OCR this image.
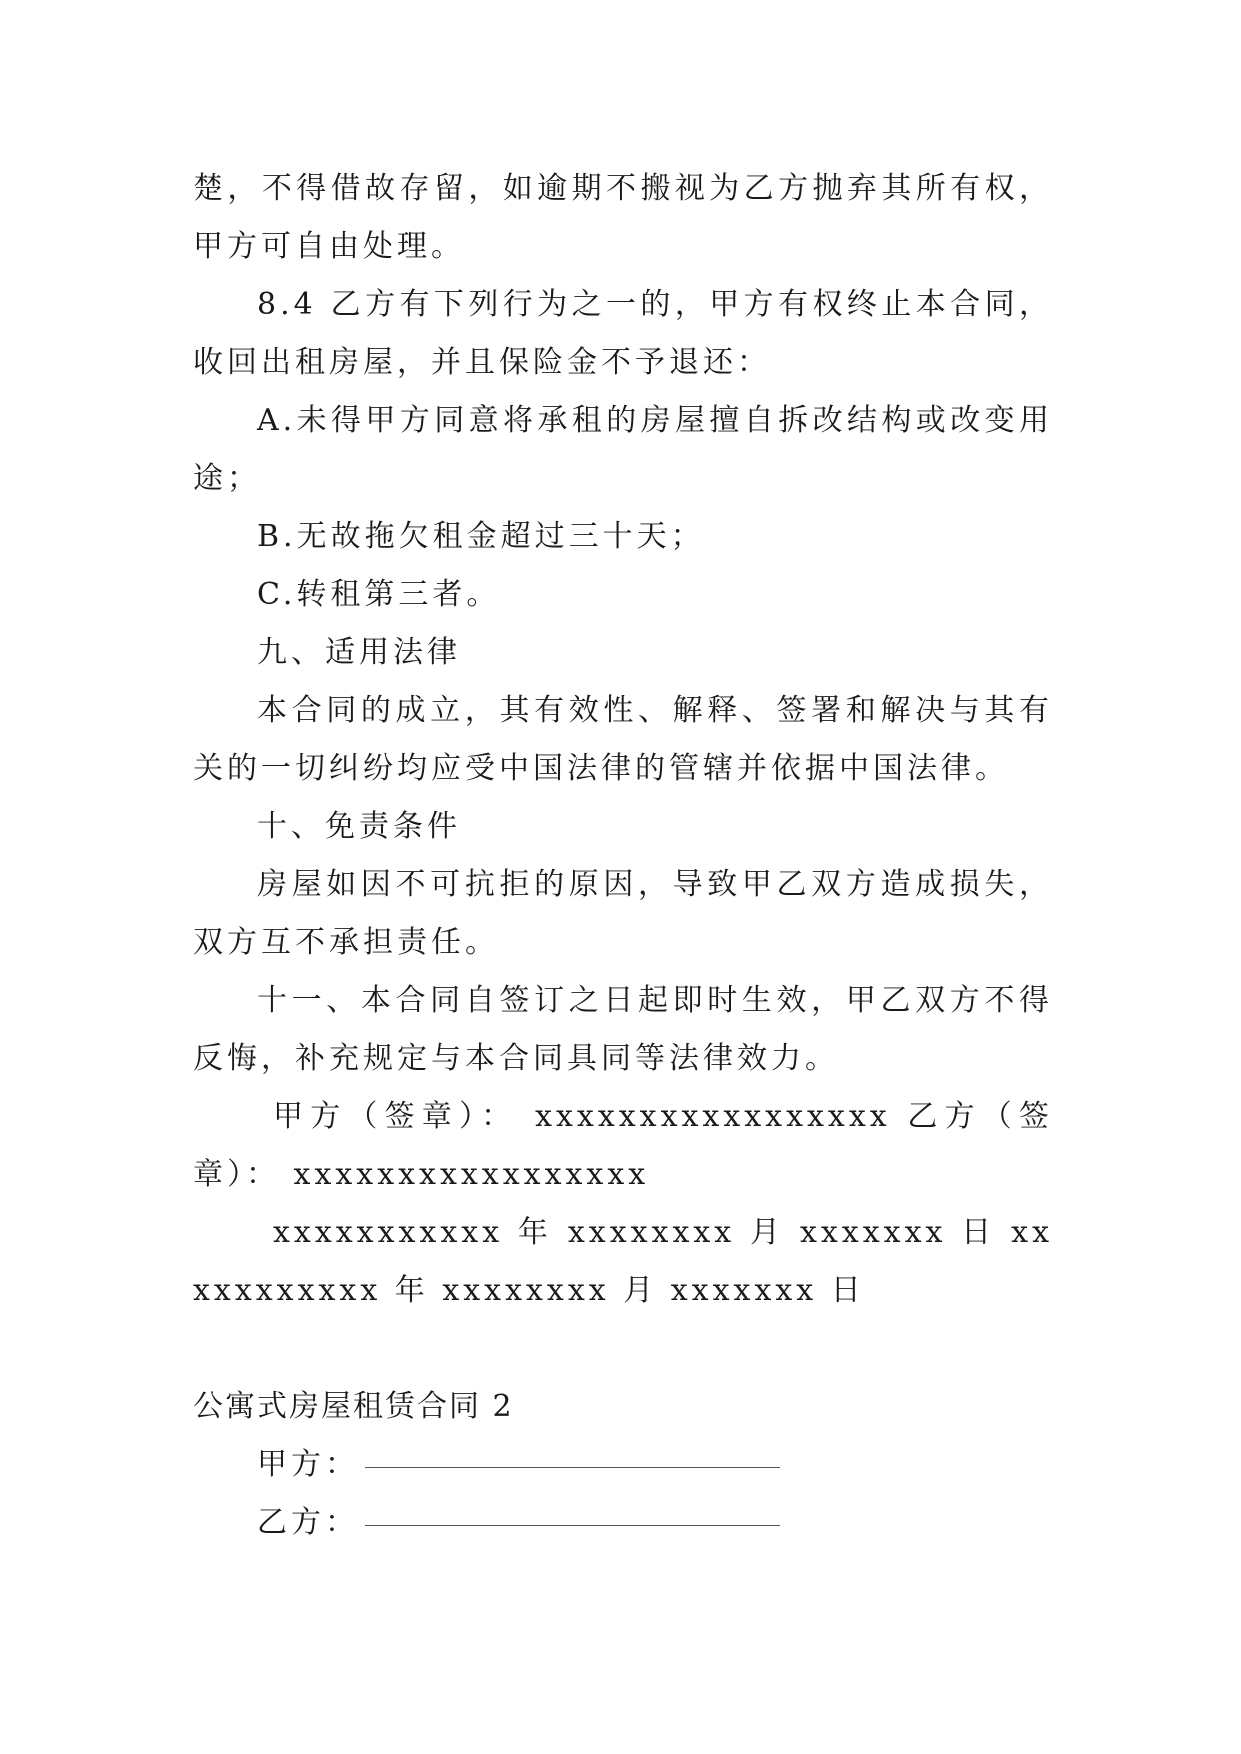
楚，不得借故存留，如逾期不搬视为乙方抛弃其所有权，甲方可自由处理。

8.4 乙方有下列行为之一的，甲方有权终止本合同，收回出租房屋，并且保险金不予退还：

A.未得甲方同意将承租的房屋擅自拆改结构或改变用途；

B.无故拖欠租金超过三十天；

C.转租第三者。

九、适用法律

本合同的成立，其有效性、解释、签署和解决与其有关的一切纠纷均应受中国法律的管辖并依据中国法律。

十、免责条件

房屋如因不可抗拒的原因，导致甲乙双方造成损失，双方互不承担责任。

十一、本合同自签订之日起即时生效，甲乙双方不得反悔，补充规定与本合同具同等法律效力。

甲方（签章）： xxxxxxxxxxxxxxxxx 乙方（签章）： xxxxxxxxxxxxxxxxx

xxxxxxxxxxx 年 xxxxxxxx 月 xxxxxxx 日 xxxxxxxxxxx 年 xxxxxxxx 月 xxxxxxx 日

公寓式房屋租赁合同 2

甲方：
乙方：
